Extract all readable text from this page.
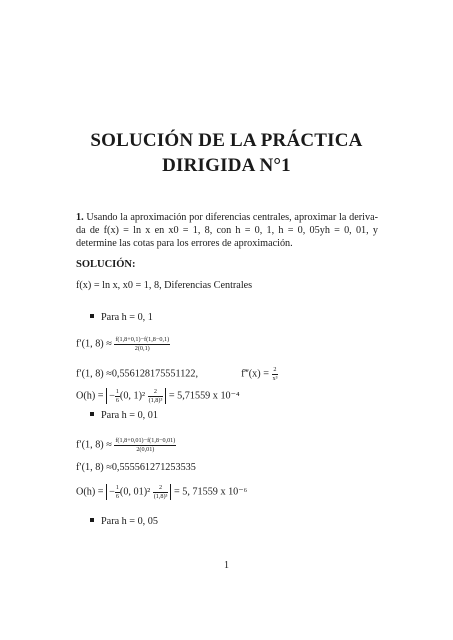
SOLUCIÓN DE LA PRÁCTICA
DIRIGIDA N°1
1. Usando la aproximación por diferencias centrales, aproximar la deriva-da de f(x) = ln x en x0 = 1, 8, con h = 0, 1, h = 0, 05yh = 0, 01, y determine las cotas para los errores de aproximación.
SOLUCIÓN:
f(x) = ln x, x0 = 1, 8, Diferencias Centrales
Para h = 0, 1
f′(1, $8) \approx \frac{f(1,8+0,1)-f(1,8-0,1)}{2(0,1)}$
f′(1, 8) ≈0,556128175551122,	f‴(x) = $\frac{2}{\text{x³}}$
O(h) = − $\frac{1}{6} (0$, $1)^2 \frac{2}{\text{(1,8)³}} = 5,71559$ x 10⁻⁴
Para h = 0, 01
f′(1, $8) \approx \frac{f(1,8+0,01)-f(1,8-0,01)}{2(0,01)}$
f′(1, 8) ≈0,555561271253535
O(h) = − $\frac{1}{6} (0$, $01)^2 \frac{2}{\text{(1,8)³}} = 5$, 71559 x 10⁻⁶
Para h = 0, 05
1
